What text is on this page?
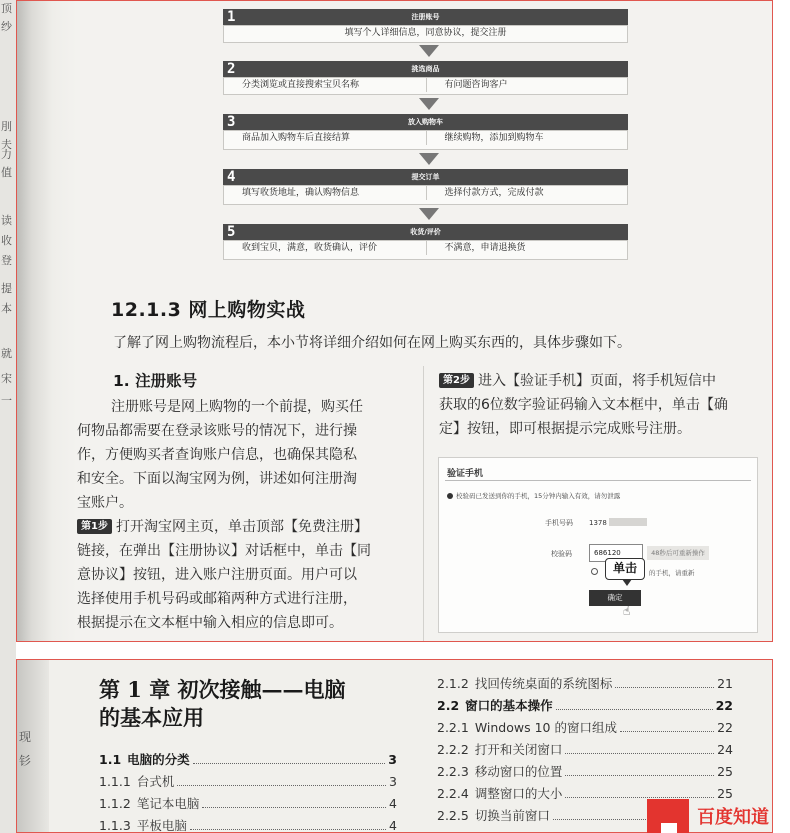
顶
纱
刖夫
力值
读
收
登
提
本
就
宋
一
1	注册账号
填写个人详细信息，同意协议，提交注册
2	挑选商品
分类浏览或直接搜索宝贝名称	有问题咨询客户
3	放入购物车
商品加入购物车后直接结算	继续购物，添加到购物车
4	提交订单
填写收货地址，确认购物信息	选择付款方式，完成付款
5	收货/评价
收到宝贝，满意，收货确认，评价	不满意，申请退换货
12.1.3 网上购物实战
了解了网上购物流程后，本小节将详细介绍如何在网上购买东西的，具体步骤如下。
1. 注册账号

注册账号是网上购物的一个前提，购买任

何物品都需要在登录该账号的情况下，进行操

作，方便购买者查询账户信息，也确保其隐私

和安全。下面以淘宝网为例，讲述如何注册淘

宝账户。

第1步 打开淘宝网主页，单击顶部【免费注册】

链接，在弹出【注册协议】对话框中，单击【同

意协议】按钮，进入账户注册页面。用户可以

选择使用手机号码或邮箱两种方式进行注册，

根据提示在文本框中输入相应的信息即可。

第2步 进入【验证手机】页面，将手机短信中

获取的6位数字验证码输入文本框中，单击【确

定】按钮，即可根据提示完成账号注册。

验证手机
校验码已发送到你的手机，15分钟内输入有效，请勿泄露
手机号码 1378
校验码	686120	48秒后可重新操作
的手机，请重新
确定
单击
☝
现
钐
第 1 章 初次接触——电脑
的基本应用
1.1 电脑的分类	3
1.1.1 台式机	3
1.1.2 笔记本电脑	4
1.1.3 平板电脑	4
2.1.2 找回传统桌面的系统图标	21
2.2 窗口的基本操作	22
2.2.1 Windows 10 的窗口组成	22
2.2.2 打开和关闭窗口	24
2.2.3 移动窗口的位置	25
2.2.4 调整窗口的大小	25
2.2.5 切换当前窗口	百度知道
